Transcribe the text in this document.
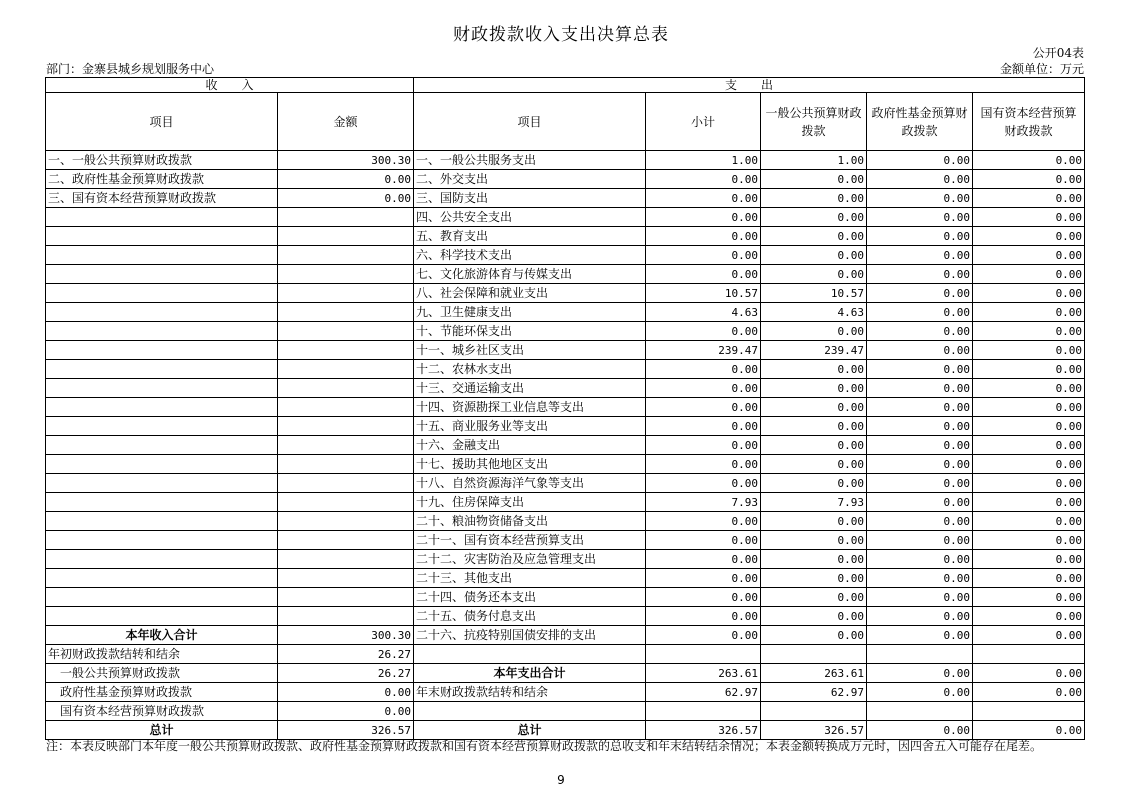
财政拨款收入支出决算总表
公开04表
部门：金寨县城乡规划服务中心	金额单位：万元
收　　入		支　　出				
项目	金额	项目	小计	一般公共预算财政拨款	政府性基金预算财政拨款	国有资本经营预算财政拨款
一、一般公共预算财政拨款	300.30	一、一般公共服务支出	1.00	1.00	0.00	0.00
二、政府性基金预算财政拨款	0.00	二、外交支出	0.00	0.00	0.00	0.00
三、国有资本经营预算财政拨款	0.00	三、国防支出	0.00	0.00	0.00	0.00
		四、公共安全支出	0.00	0.00	0.00	0.00
		五、教育支出	0.00	0.00	0.00	0.00
		六、科学技术支出	0.00	0.00	0.00	0.00
		七、文化旅游体育与传媒支出	0.00	0.00	0.00	0.00
		八、社会保障和就业支出	10.57	10.57	0.00	0.00
		九、卫生健康支出	4.63	4.63	0.00	0.00
		十、节能环保支出	0.00	0.00	0.00	0.00
		十一、城乡社区支出	239.47	239.47	0.00	0.00
		十二、农林水支出	0.00	0.00	0.00	0.00
		十三、交通运输支出	0.00	0.00	0.00	0.00
		十四、资源勘探工业信息等支出	0.00	0.00	0.00	0.00
		十五、商业服务业等支出	0.00	0.00	0.00	0.00
		十六、金融支出	0.00	0.00	0.00	0.00
		十七、援助其他地区支出	0.00	0.00	0.00	0.00
		十八、自然资源海洋气象等支出	0.00	0.00	0.00	0.00
		十九、住房保障支出	7.93	7.93	0.00	0.00
		二十、粮油物资储备支出	0.00	0.00	0.00	0.00
		二十一、国有资本经营预算支出	0.00	0.00	0.00	0.00
		二十二、灾害防治及应急管理支出	0.00	0.00	0.00	0.00
		二十三、其他支出	0.00	0.00	0.00	0.00
		二十四、债务还本支出	0.00	0.00	0.00	0.00
		二十五、债务付息支出	0.00	0.00	0.00	0.00
本年收入合计	300.30	二十六、抗疫特别国债安排的支出	0.00	0.00	0.00	0.00
年初财政拨款结转和结余	26.27					
一般公共预算财政拨款	26.27	本年支出合计	263.61	263.61	0.00	0.00
政府性基金预算财政拨款	0.00	年末财政拨款结转和结余	62.97	62.97	0.00	0.00
国有资本经营预算财政拨款	0.00					
总计	326.57	总计	326.57	326.57	0.00	0.00
注：本表反映部门本年度一般公共预算财政拨款、政府性基金预算财政拨款和国有资本经营预算财政拨款的总收支和年末结转结余情况；本表金额转换成万元时，因四舍五入可能存在尾差。
9
